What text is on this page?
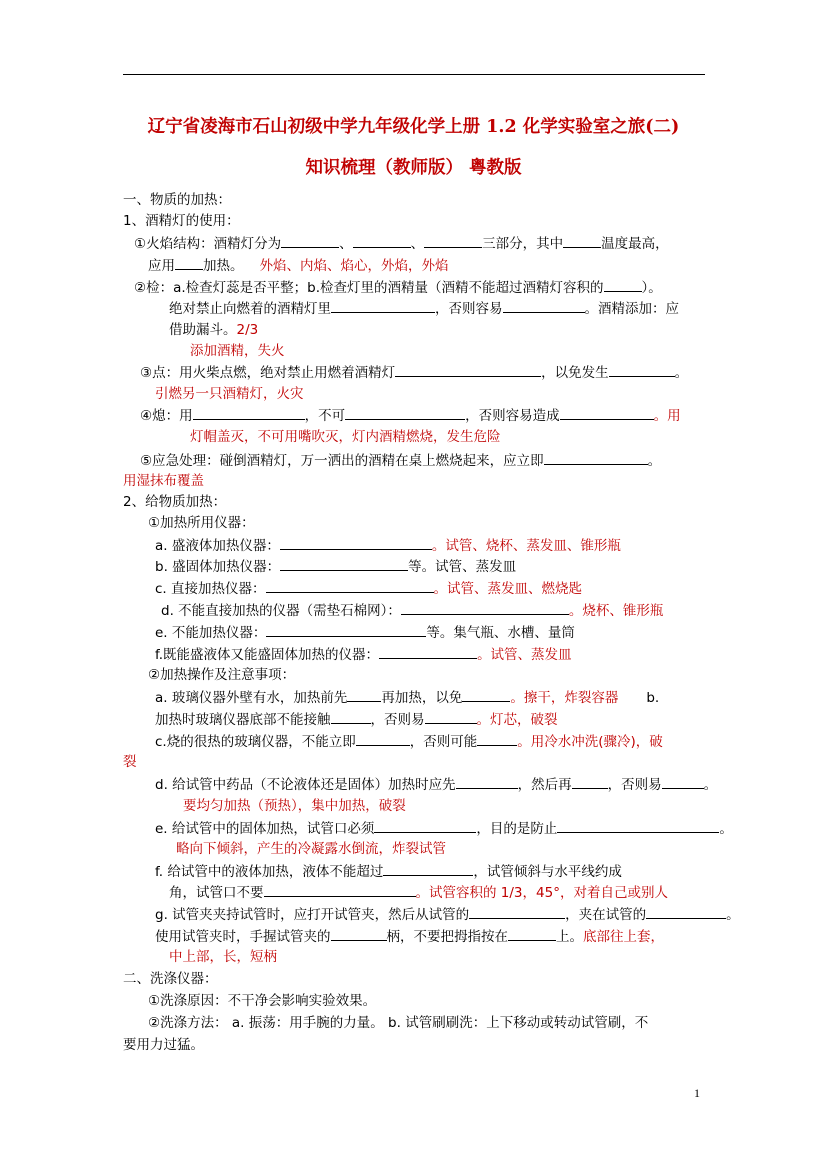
辽宁省凌海市石山初级中学九年级化学上册 1.2 化学实验室之旅(二)
知识梳理（教师版） 粤教版
一、物质的加热：
1、酒精灯的使用：
①火焰结构：酒精灯分为	、	、	三部分，其中	温度最高，
应用 加热。 外焰、内焰、焰心，外焰，外焰
②检：a.检查灯蕊是否平整；b.检查灯里的酒精量（酒精不能超过酒精灯容积的	）。
绝对禁止向燃着的酒精灯里	，否则容易	。酒精添加：应
借助漏斗。2/3
添加酒精，失火
③点：用火柴点燃，绝对禁止用燃着酒精灯	，以免发生	。
引燃另一只酒精灯，火灾
④熄：用	，不可	，否则容易造成	。用
灯帽盖灭，不可用嘴吹灭，灯内酒精燃烧，发生危险
⑤应急处理：碰倒酒精灯，万一洒出的酒精在桌上燃烧起来，应立即	。
用湿抹布覆盖
2、给物质加热：
①加热所用仪器：
a. 盛液体加热仪器：	。试管、烧杯、蒸发皿、锥形瓶
b. 盛固体加热仪器：	等。试管、蒸发皿
c. 直接加热仪器：	。试管、蒸发皿、燃烧匙
d. 不能直接加热的仪器（需垫石棉网）：	。烧杯、锥形瓶
e. 不能加热仪器：	等。集气瓶、水槽、量筒
f.既能盛液体又能盛固体加热的仪器：	。试管、蒸发皿
②加热操作及注意事项：
a. 玻璃仪器外壁有水，加热前先	再加热，以免	。擦干，炸裂容器 b.
加热时玻璃仪器底部不能接触	，否则易	。灯芯，破裂
c.烧的很热的玻璃仪器，不能立即	，否则可能	。用冷水冲洗(骤冷)，破
裂
d. 给试管中药品（不论液体还是固体）加热时应先	，然后再	，否则易	。
要均匀加热（预热），集中加热，破裂
e. 给试管中的固体加热，试管口必须	，目的是防止	。
略向下倾斜，产生的冷凝露水倒流，炸裂试管
f. 给试管中的液体加热，液体不能超过	，试管倾斜与水平线约成
角，试管口不要	。试管容积的 1/3，45°，对着自己或别人
g. 试管夹夹持试管时，应打开试管夹，然后从试管的	，夹在试管的	。
使用试管夹时，手握试管夹的	柄，不要把拇指按在	上。底部往上套，
中上部，长，短柄
二、洗涤仪器：
①洗涤原因：不干净会影响实验效果。
②洗涤方法： a. 振荡：用手腕的力量。 b. 试管刷刷洗：上下移动或转动试管刷，不
要用力过猛。
1
